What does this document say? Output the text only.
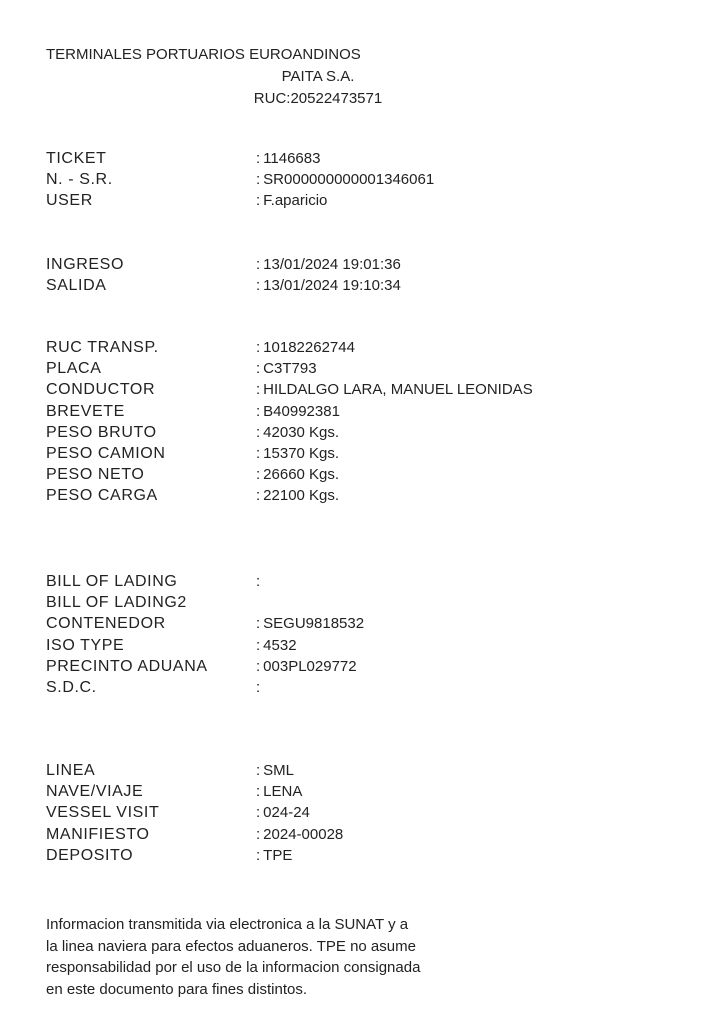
TERMINALES PORTUARIOS EUROANDINOS
PAITA S.A.
RUC:20522473571
TICKET	: 1146683
N. - S.R.	: SR000000000001346061
USER	: F.aparicio
INGRESO	: 13/01/2024 19:01:36
SALIDA	: 13/01/2024 19:10:34
RUC TRANSP.	: 10182262744
PLACA	: C3T793
CONDUCTOR	: HILDALGO LARA, MANUEL LEONIDAS
BREVETE	: B40992381
PESO BRUTO	: 42030 Kgs.
PESO CAMION	: 15370 Kgs.
PESO NETO	: 26660 Kgs.
PESO CARGA	: 22100 Kgs.
BILL OF LADING	:
BILL OF LADING2
CONTENEDOR	: SEGU9818532
ISO TYPE	: 4532
PRECINTO ADUANA	: 003PL029772
S.D.C.	:
LINEA	: SML
NAVE/VIAJE	: LENA
VESSEL VISIT	: 024-24
MANIFIESTO	: 2024-00028
DEPOSITO	: TPE
Informacion transmitida via electronica a la SUNAT y a
la linea naviera para efectos aduaneros. TPE no asume
responsabilidad por el uso de la informacion consignada
en este documento para fines distintos.
